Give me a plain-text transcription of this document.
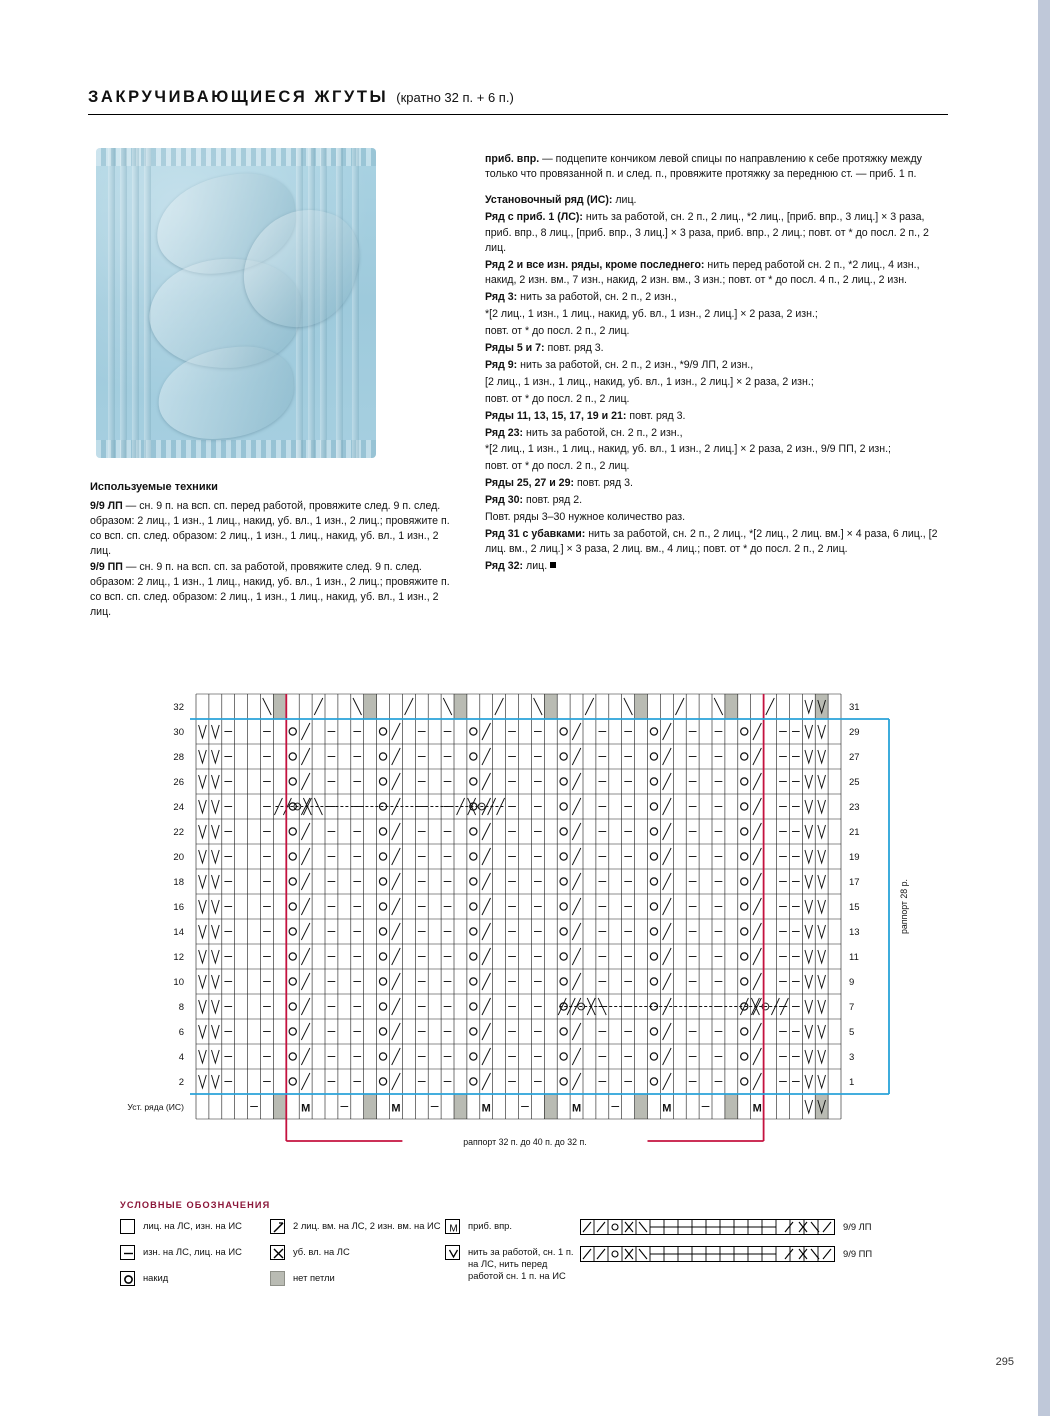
ЗАКРУЧИВАЮЩИЕСЯ ЖГУТЫ (кратно 32 п. + 6 п.)
Используемые техники

9/9 ЛП — сн. 9 п. на всп. сп. перед работой, провяжите след. 9 п. след. образом: 2 лиц., 1 изн., 1 лиц., накид, уб. вл., 1 изн., 2 лиц.; провяжите п. со всп. сп. след. образом: 2 лиц., 1 изн., 1 лиц., накид, уб. вл., 1 изн., 2 лиц.

9/9 ПП — сн. 9 п. на всп. сп. за работой, провяжите след. 9 п. след. образом: 2 лиц., 1 изн., 1 лиц., накид, уб. вл., 1 изн., 2 лиц.; провяжите п. со всп. сп. след. образом: 2 лиц., 1 изн., 1 лиц., накид, уб. вл., 1 изн., 2 лиц.

приб. впр. — подцепите кончиком левой спицы по направлению к себе протяжку между только что провязанной п. и след. п., провяжите протяжку за переднюю ст. — приб. 1 п.

Установочный ряд (ИС): лиц.

Ряд с приб. 1 (ЛС): нить за работой, сн. 2 п., 2 лиц., *2 лиц., [приб. впр., 3 лиц.] × 3 раза, приб. впр., 8 лиц., [приб. впр., 3 лиц.] × 3 раза, приб. впр., 2 лиц.; повт. от * до посл. 2 п., 2 лиц.

Ряд 2 и все изн. ряды, кроме последнего: нить перед работой сн. 2 п., *2 лиц., 4 изн., накид, 2 изн. вм., 7 изн., накид, 2 изн. вм., 3 изн.; повт. от * до посл. 4 п., 2 лиц., 2 изн.

Ряд 3: нить за работой, сн. 2 п., 2 изн.,

*[2 лиц., 1 изн., 1 лиц., накид, уб. вл., 1 изн., 2 лиц.] × 2 раза, 2 изн.;

повт. от * до посл. 2 п., 2 лиц.

Ряды 5 и 7: повт. ряд 3.

Ряд 9: нить за работой, сн. 2 п., 2 изн., *9/9 ЛП, 2 изн.,

[2 лиц., 1 изн., 1 лиц., накид, уб. вл., 1 изн., 2 лиц.] × 2 раза, 2 изн.;

повт. от * до посл. 2 п., 2 лиц.

Ряды 11, 13, 15, 17, 19 и 21: повт. ряд 3.

Ряд 23: нить за работой, сн. 2 п., 2 изн.,

*[2 лиц., 1 изн., 1 лиц., накид, уб. вл., 1 изн., 2 лиц.] × 2 раза, 2 изн., 9/9 ПП, 2 изн.;

повт. от * до посл. 2 п., 2 лиц.

Ряды 25, 27 и 29: повт. ряд 3.

Ряд 30: повт. ряд 2.

Повт. ряды 3–30 нужное количество раз.

Ряд 31 с убавками: нить за работой, сн. 2 п., 2 лиц., *[2 лиц., 2 лиц. вм.] × 4 раза, 6 лиц., [2 лиц. вм., 2 лиц.] × 3 раза, 2 лиц. вм., 4 лиц.; повт. от * до посл. 2 п., 2 лиц.

Ряд 32: лиц.

M	M	M	M	M	M
32
30
28
26
24
22
20
18
16
14
12
10
8
6
4
2
31
29
27
25
23
21
19
17
15
13
11
9
7
5
3
1
Уст. ряда (ИС)
раппорт 32 п. до 40 п. до 32 п.
раппорт 28 р.
УСЛОВНЫЕ ОБОЗНАЧЕНИЯ
лиц. на ЛС, изн. на ИС
изн. на ЛС, лиц. на ИС
накид
2 лиц. вм. на ЛС, 2 изн. вм. на ИС
уб. вл. на ЛС
нет петли
M приб. впр.
нить за работой, сн. 1 п. на ЛС, нить перед работой сн. 1 п. на ИС
9/9 ЛП
9/9 ПП
295
